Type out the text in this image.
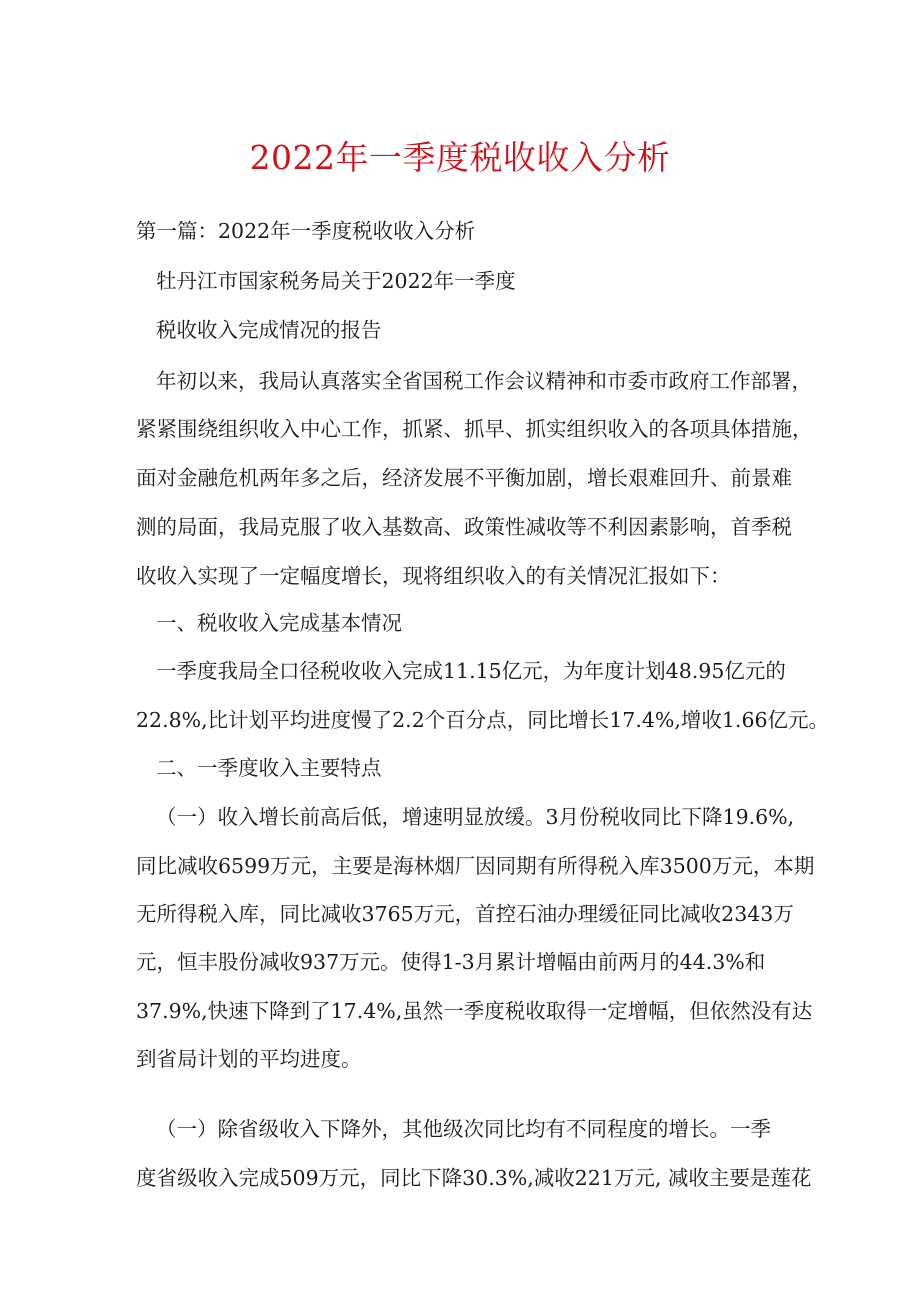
2022年一季度税收收入分析
第一篇：2022年一季度税收收入分析
牡丹江市国家税务局关于2022年一季度
税收收入完成情况的报告
年初以来，我局认真落实全省国税工作会议精神和市委市政府工作部署，
紧紧围绕组织收入中心工作，抓紧、抓早、抓实组织收入的各项具体措施，
面对金融危机两年多之后，经济发展不平衡加剧，增长艰难回升、前景难
测的局面，我局克服了收入基数高、政策性减收等不利因素影响，首季税
收收入实现了一定幅度增长，现将组织收入的有关情况汇报如下：
一、税收收入完成基本情况
一季度我局全口径税收收入完成11.15亿元，为年度计划48.95亿元的
22.8%,比计划平均进度慢了2.2个百分点，同比增长17.4%,增收1.66亿元。
二、一季度收入主要特点
（一）收入增长前高后低，增速明显放缓。3月份税收同比下降19.6%,
同比减收6599万元，主要是海林烟厂因同期有所得税入库3500万元，本期
无所得税入库，同比减收3765万元，首控石油办理缓征同比减收2343万
元，恒丰股份减收937万元。使得1-3月累计增幅由前两月的44.3%和
37.9%,快速下降到了17.4%,虽然一季度税收取得一定增幅，但依然没有达
到省局计划的平均进度。
（一）除省级收入下降外，其他级次同比均有不同程度的增长。一季
度省级收入完成509万元，同比下降30.3%,减收221万元, 减收主要是莲花
